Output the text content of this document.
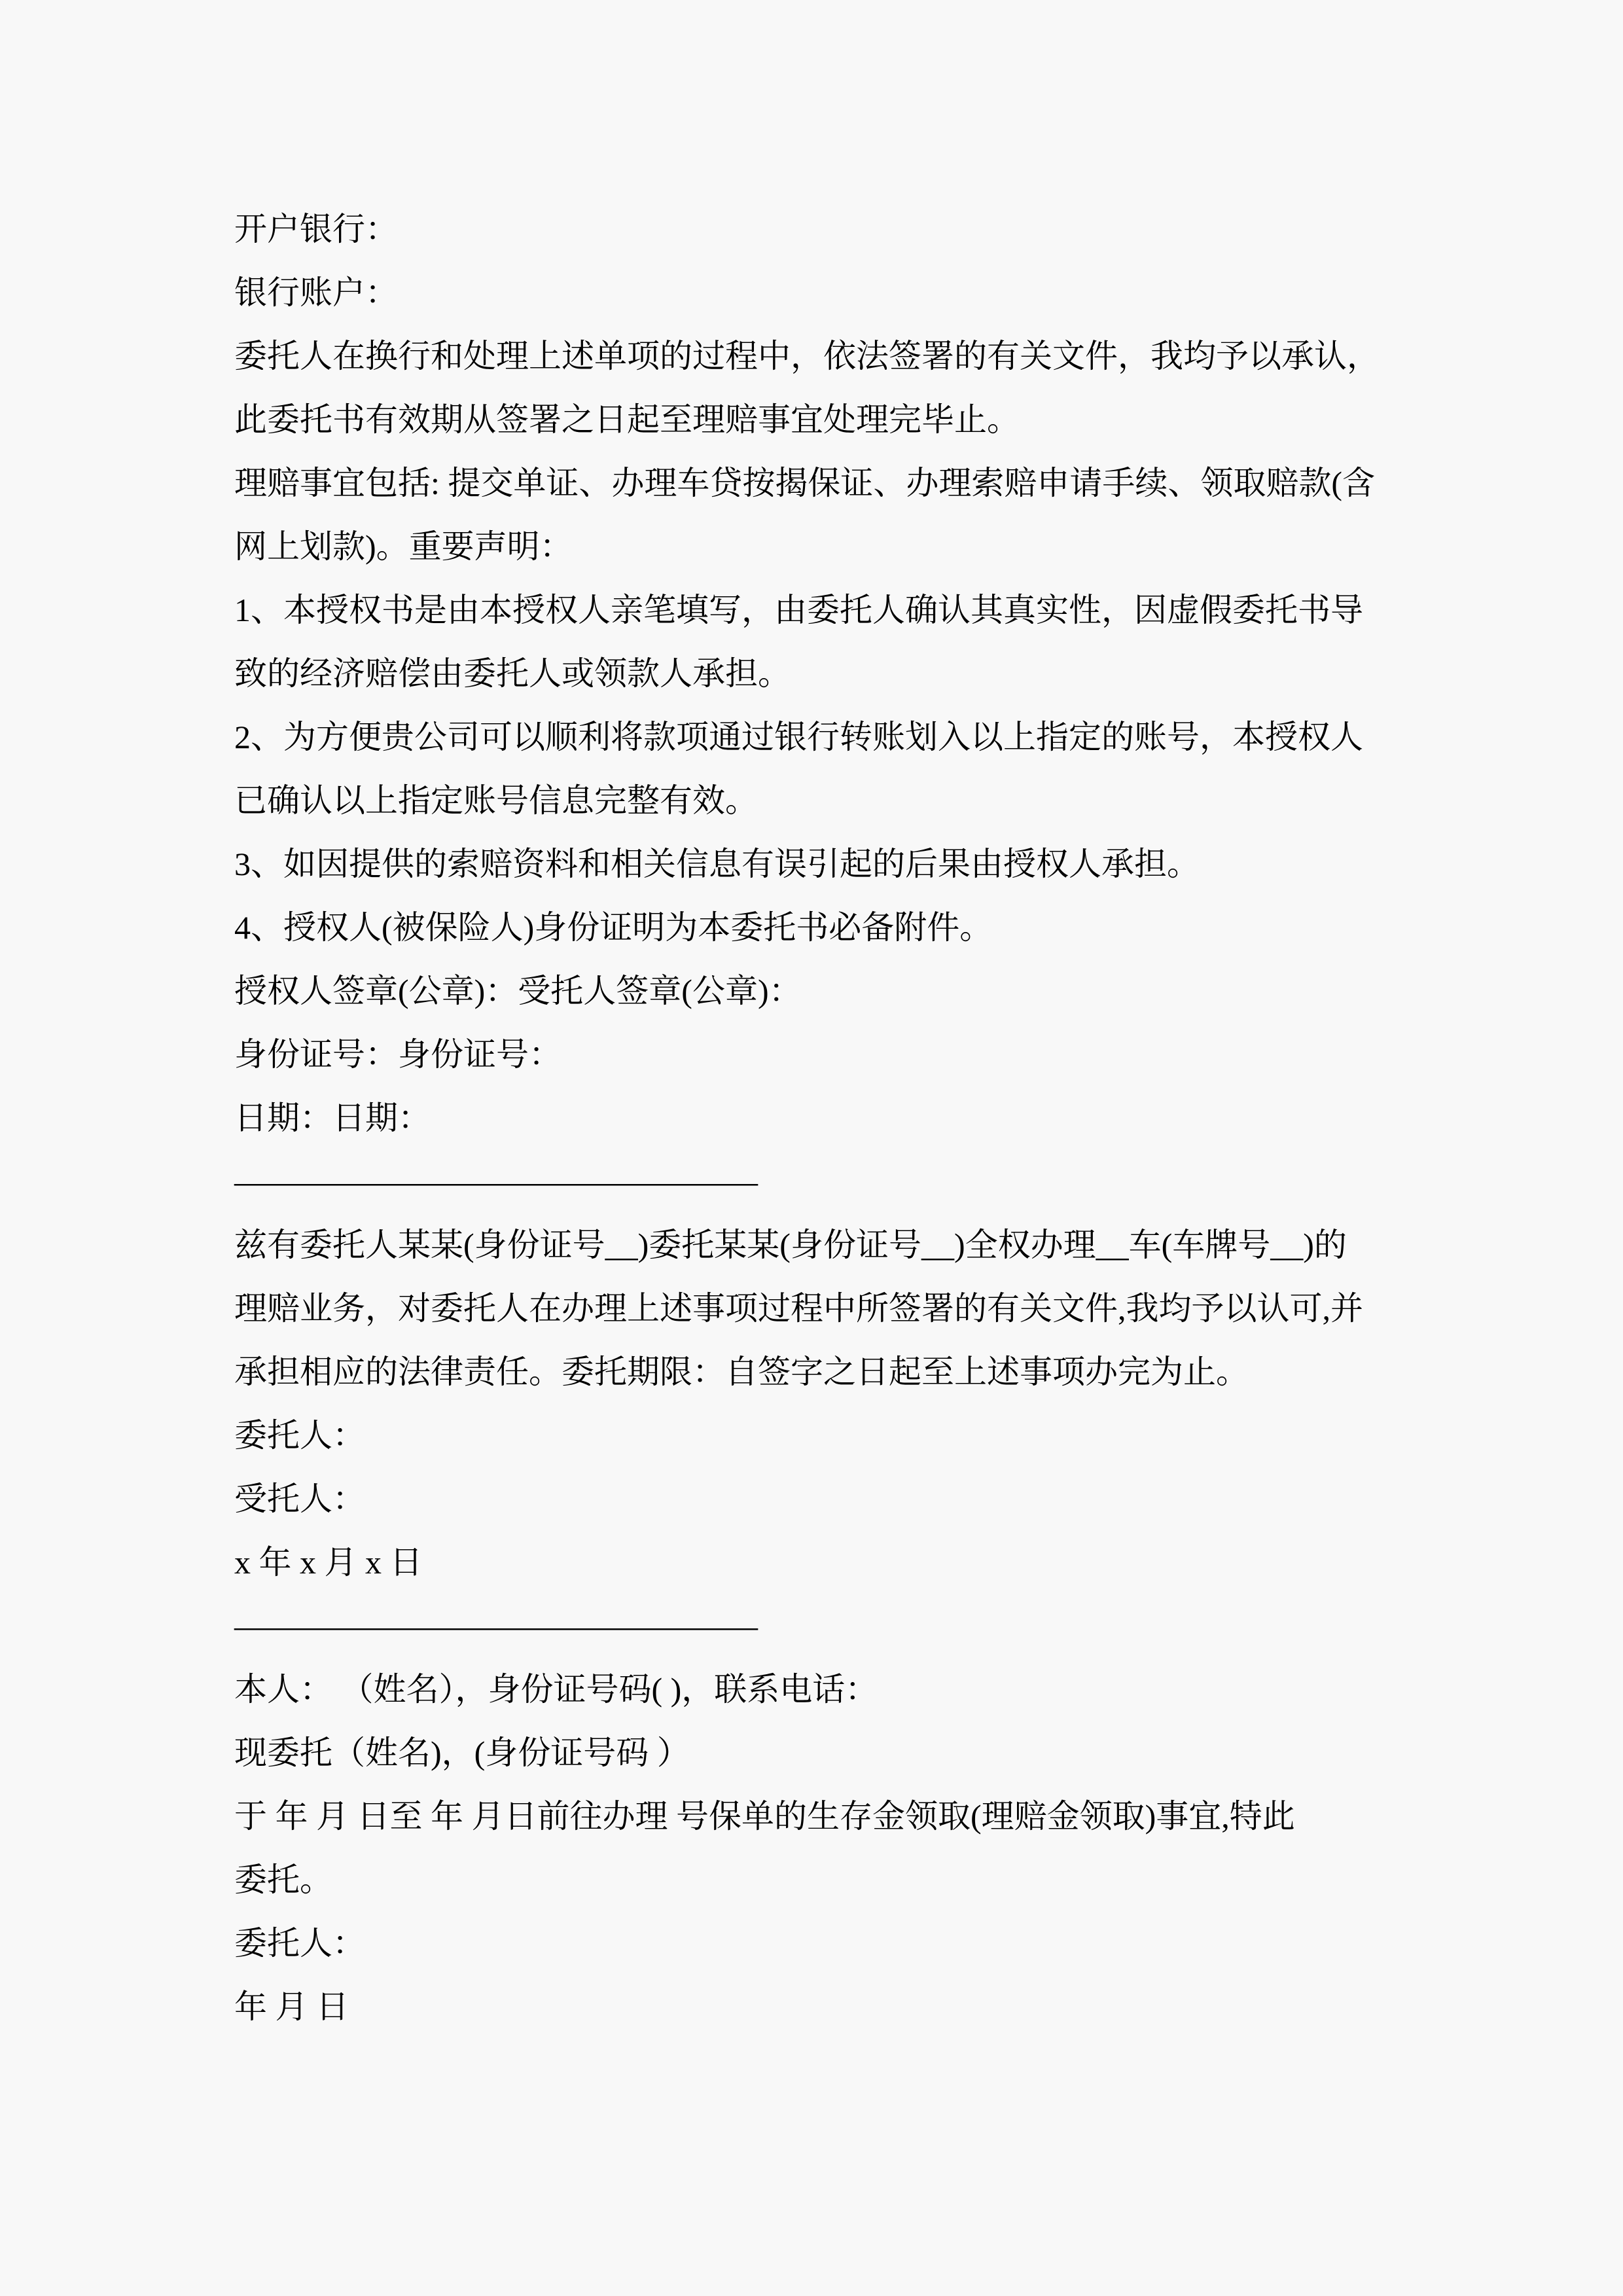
开户银行：
银行账户：
委托人在换行和处理上述单项的过程中，依法签署的有关文件，我均予以承认，
此委托书有效期从签署之日起至理赔事宜处理完毕止。
理赔事宜包括: 提交单证、办理车贷按揭保证、办理索赔申请手续、领取赔款(含
网上划款)。重要声明：
1、本授权书是由本授权人亲笔填写，由委托人确认其真实性，因虚假委托书导
致的经济赔偿由委托人或领款人承担。
2、为方便贵公司可以顺利将款项通过银行转账划入以上指定的账号，本授权人
已确认以上指定账号信息完整有效。
3、如因提供的索赔资料和相关信息有误引起的后果由授权人承担。
4、授权人(被保险人)身份证明为本委托书必备附件。
授权人签章(公章)：受托人签章(公章)：
身份证号：身份证号：
日期：日期：
————————————————
兹有委托人某某(身份证号__)委托某某(身份证号__)全权办理__车(车牌号__)的
理赔业务，对委托人在办理上述事项过程中所签署的有关文件,我均予以认可,并
承担相应的法律责任。委托期限：自签字之日起至上述事项办完为止。
委托人：
受托人：
x 年 x 月 x 日
————————————————
本人： （姓名），身份证号码( )，联系电话：
现委托（姓名)，(身份证号码 ）
于 年 月 日至 年 月日前往办理 号保单的生存金领取(理赔金领取)事宜,特此
委托。
委托人：
年 月 日
